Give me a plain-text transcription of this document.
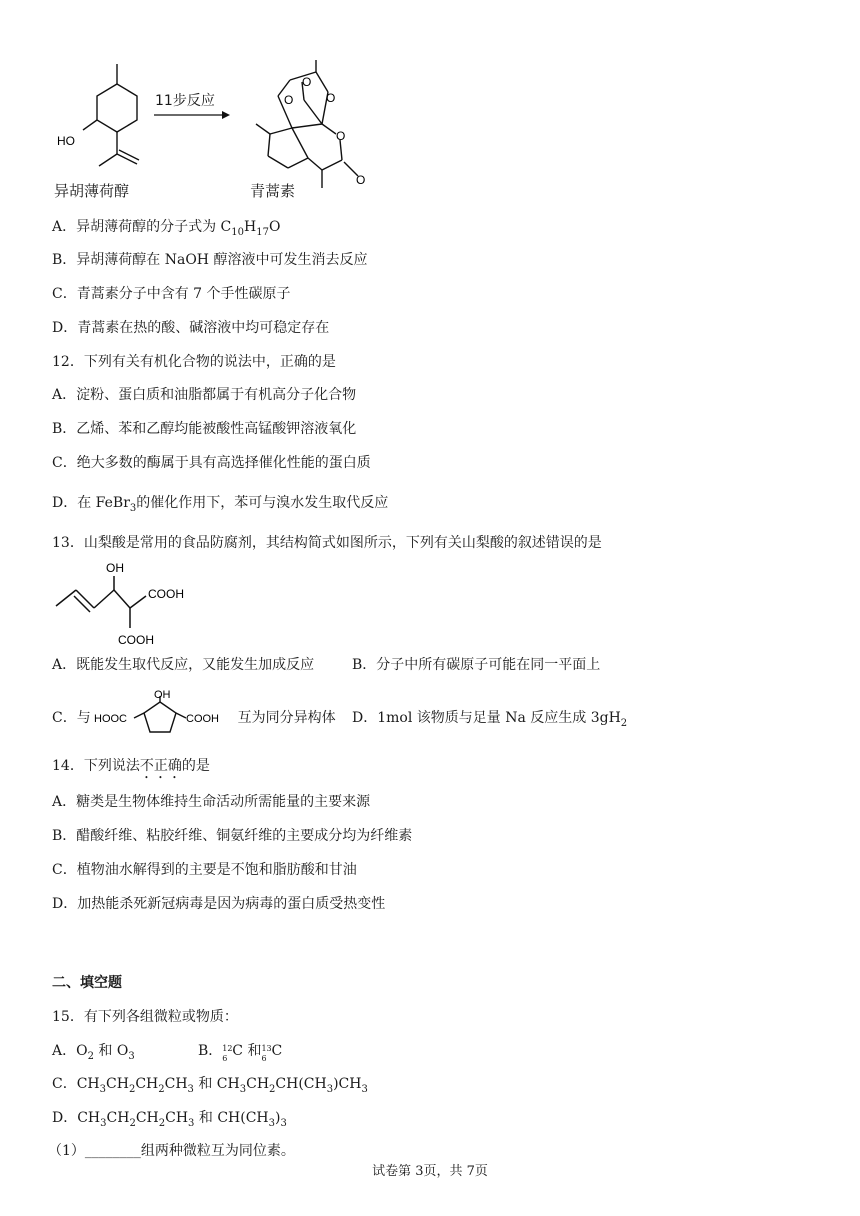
HO
异胡薄荷醇
11步反应	O
O
O
O
O
青蒿素
A．异胡薄荷醇的分子式为 $C_{10}H_{17}O$
B．异胡薄荷醇在 NaOH 醇溶液中可发生消去反应
C．青蒿素分子中含有 7 个手性碳原子
D．青蒿素在热的酸、碱溶液中均可稳定存在
12．下列有关有机化合物的说法中，正确的是
A．淀粉、蛋白质和油脂都属于有机高分子化合物
B．乙烯、苯和乙醇均能被酸性高锰酸钾溶液氧化
C．绝大多数的酶属于具有高选择催化性能的蛋白质
D．在 FeBr$_3$的催化作用下，苯可与溴水发生取代反应
13．山梨酸是常用的食品防腐剂，其结构简式如图所示，下列有关山梨酸的叙述错误的是
OH
COOH
COOH
A．既能发生取代反应，又能发生加成反应	B．分子中所有碳原子可能在同一平面上
C．与	互为同分异构体 D．1mol 该物质与足量 Na 反应生成 $3gH_2$
OH
HOOC	COOH
14．下列说法不正确的是
A．糖类是生物体维持生命活动所需能量的主要来源
B．醋酸纤维、粘胶纤维、铜氨纤维的主要成分均为纤维素
C．植物油水解得到的主要是不饱和脂肪酸和甘油
D．加热能杀死新冠病毒是因为病毒的蛋白质受热变性
二、填空题
15．有下列各组微粒或物质：
A．$O_2$ 和 $O_3$	B． 12
6 C 和 13
6 C
C．$CH_3CH_2CH_2CH_3$ 和 $CH_3CH_2CH(CH_3)CH_3$
D．$CH_3CH_2CH_2CH_3$ 和 $CH(CH_3)_3$
（1）________组两种微粒互为同位素。
试卷第 3页，共 7页
